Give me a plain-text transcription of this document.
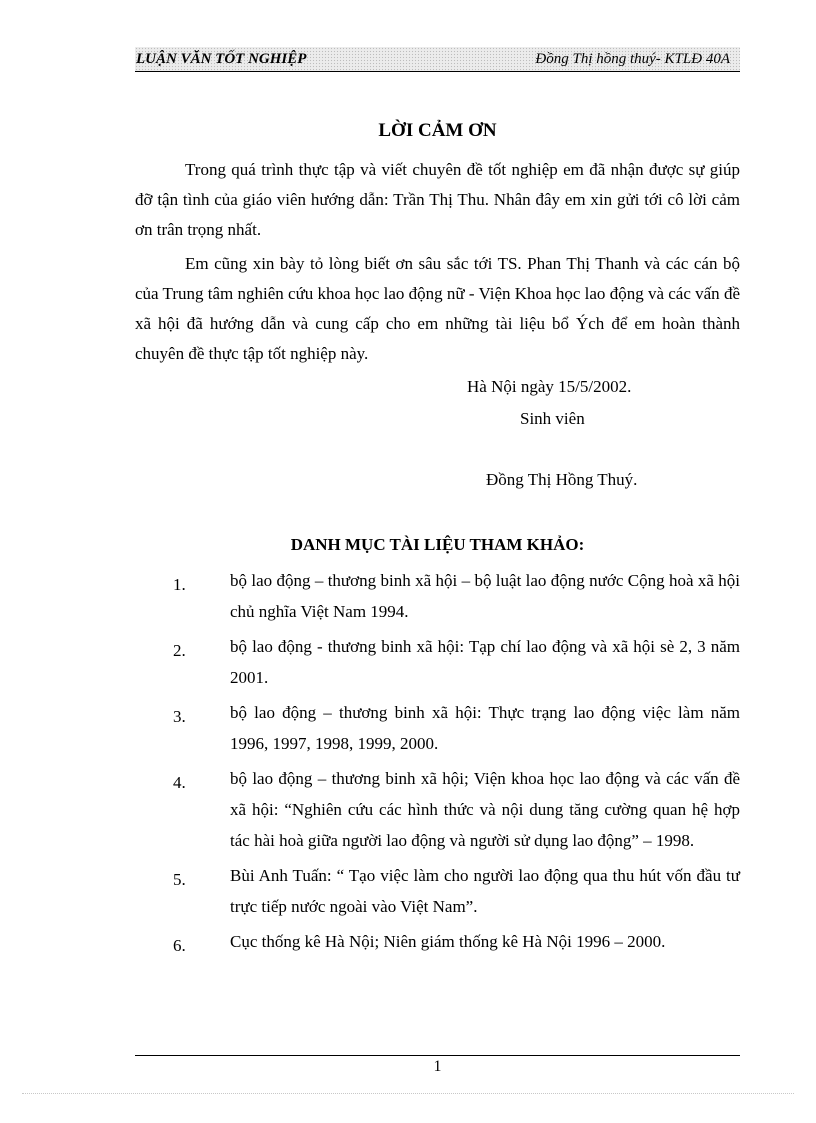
LUẬN VĂN TỐT NGHIỆP	Đồng Thị hồng thuý- KTLĐ 40A
LỜI CẢM ƠN

Trong quá trình thực tập và viết chuyên đề tốt nghiệp em đã nhận được sự giúp đỡ tận tình của giáo viên hướng dẫn: Trần Thị Thu. Nhân đây em xin gửi tới cô lời cảm ơn trân trọng nhất.

Em cũng xin bày tỏ lòng biết ơn sâu sắc tới TS. Phan Thị Thanh và các cán bộ của Trung tâm nghiên cứu khoa học lao động nữ - Viện Khoa học lao động và các vấn đề xã hội đã hướng dẫn và cung cấp cho em những tài liệu bổ Ých để em hoàn thành chuyên đề thực tập tốt nghiệp này.

Hà Nội ngày 15/5/2002.
Sinh viên
Đồng Thị Hồng Thuý.
DANH MỤC TÀI LIỆU THAM KHẢO:
1.	bộ lao động – thương binh xã hội – bộ luật lao động nước Cộng hoà xã hội chủ nghĩa Việt Nam 1994.
2.	bộ lao động - thương binh xã hội: Tạp chí lao động và xã hội sè 2, 3 năm 2001.
3.	bộ lao động – thương binh xã hội: Thực trạng lao động việc làm năm 1996, 1997, 1998, 1999, 2000.
4.	bộ lao động – thương binh xã hội; Viện khoa học lao động và các vấn đề xã hội: “Nghiên cứu các hình thức và nội dung tăng cường quan hệ hợp tác hài hoà giữa người lao động và người sử dụng lao động” – 1998.
5.	Bùi Anh Tuấn: “ Tạo việc làm cho người lao động qua thu hút vốn đầu tư trực tiếp nước ngoài vào Việt Nam”.
6.	Cục thống kê Hà Nội; Niên giám thống kê Hà Nội 1996 – 2000.
1
